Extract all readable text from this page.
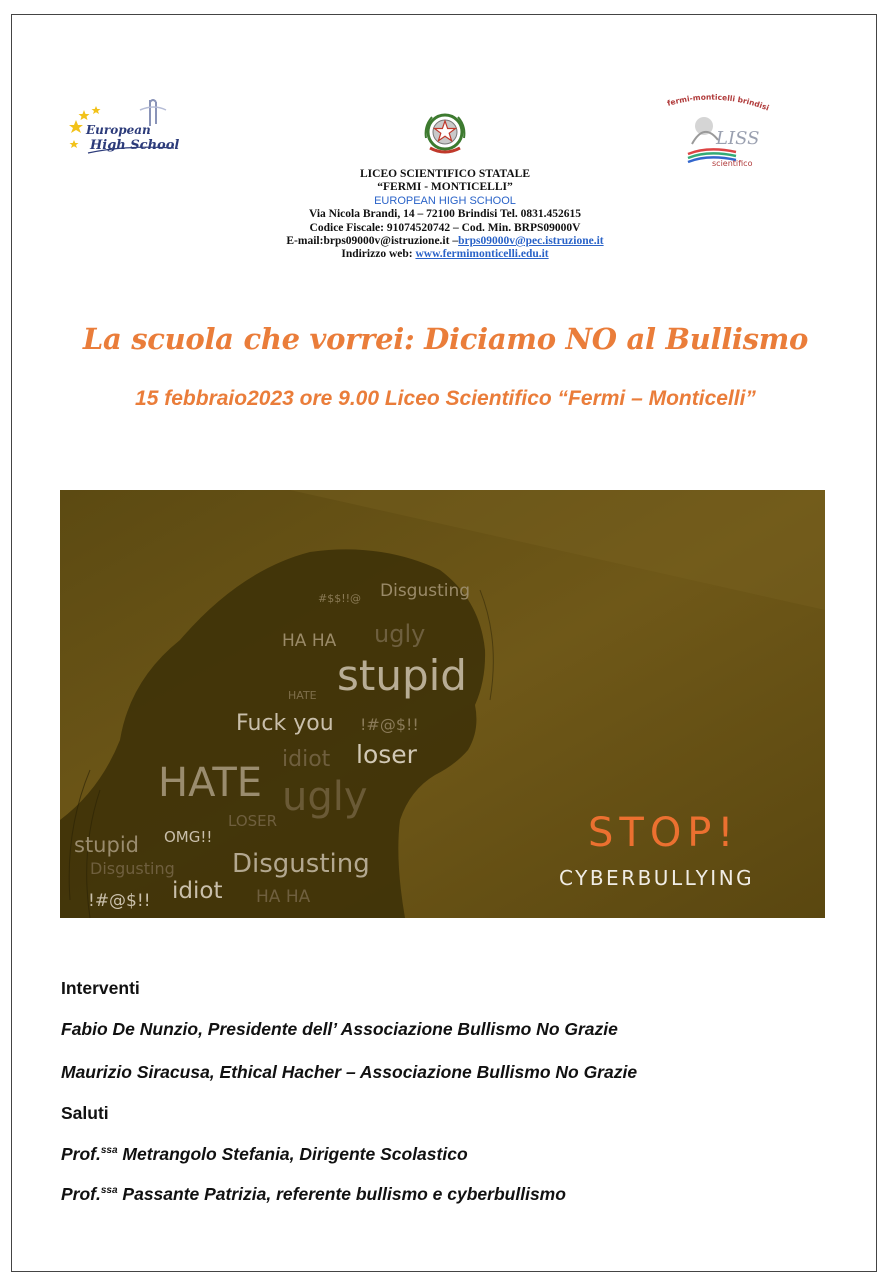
European
High School
fermi-monticelli brindisi
LISS
scientifico
LICEO SCIENTIFICO STATALE
“FERMI - MONTICELLI”
EUROPEAN HIGH SCHOOL
Via Nicola Brandi, 14 – 72100 Brindisi Tel. 0831.452615
Codice Fiscale: 91074520742 – Cod. Min. BRPS09000V
E-mail:brps09000v@istruzione.it –brps09000v@pec.istruzione.it
Indirizzo web: www.fermimonticelli.edu.it
La scuola che vorrei: Diciamo NO al Bullismo
15 febbraio2023 ore 9.00 Liceo Scientifico “Fermi – Monticelli”
#$$!!@ Disgusting
HA HA ugly
stupid
HATE
Fuck you !#@$!!
idiot loser
HATE ugly
LOSER
stupid OMG!!
Disgusting Disgusting
!#@$!! idiot HA HA
STOP!
CYBERBULLYING
Interventi
Fabio De Nunzio, Presidente dell’ Associazione Bullismo No Grazie
Maurizio Siracusa, Ethical Hacher – Associazione Bullismo No Grazie
Saluti
Prof.$^{ssa}$ Metrangolo Stefania, Dirigente Scolastico
Prof.$^{ssa}$ Passante Patrizia, referente bullismo e cyberbullismo
